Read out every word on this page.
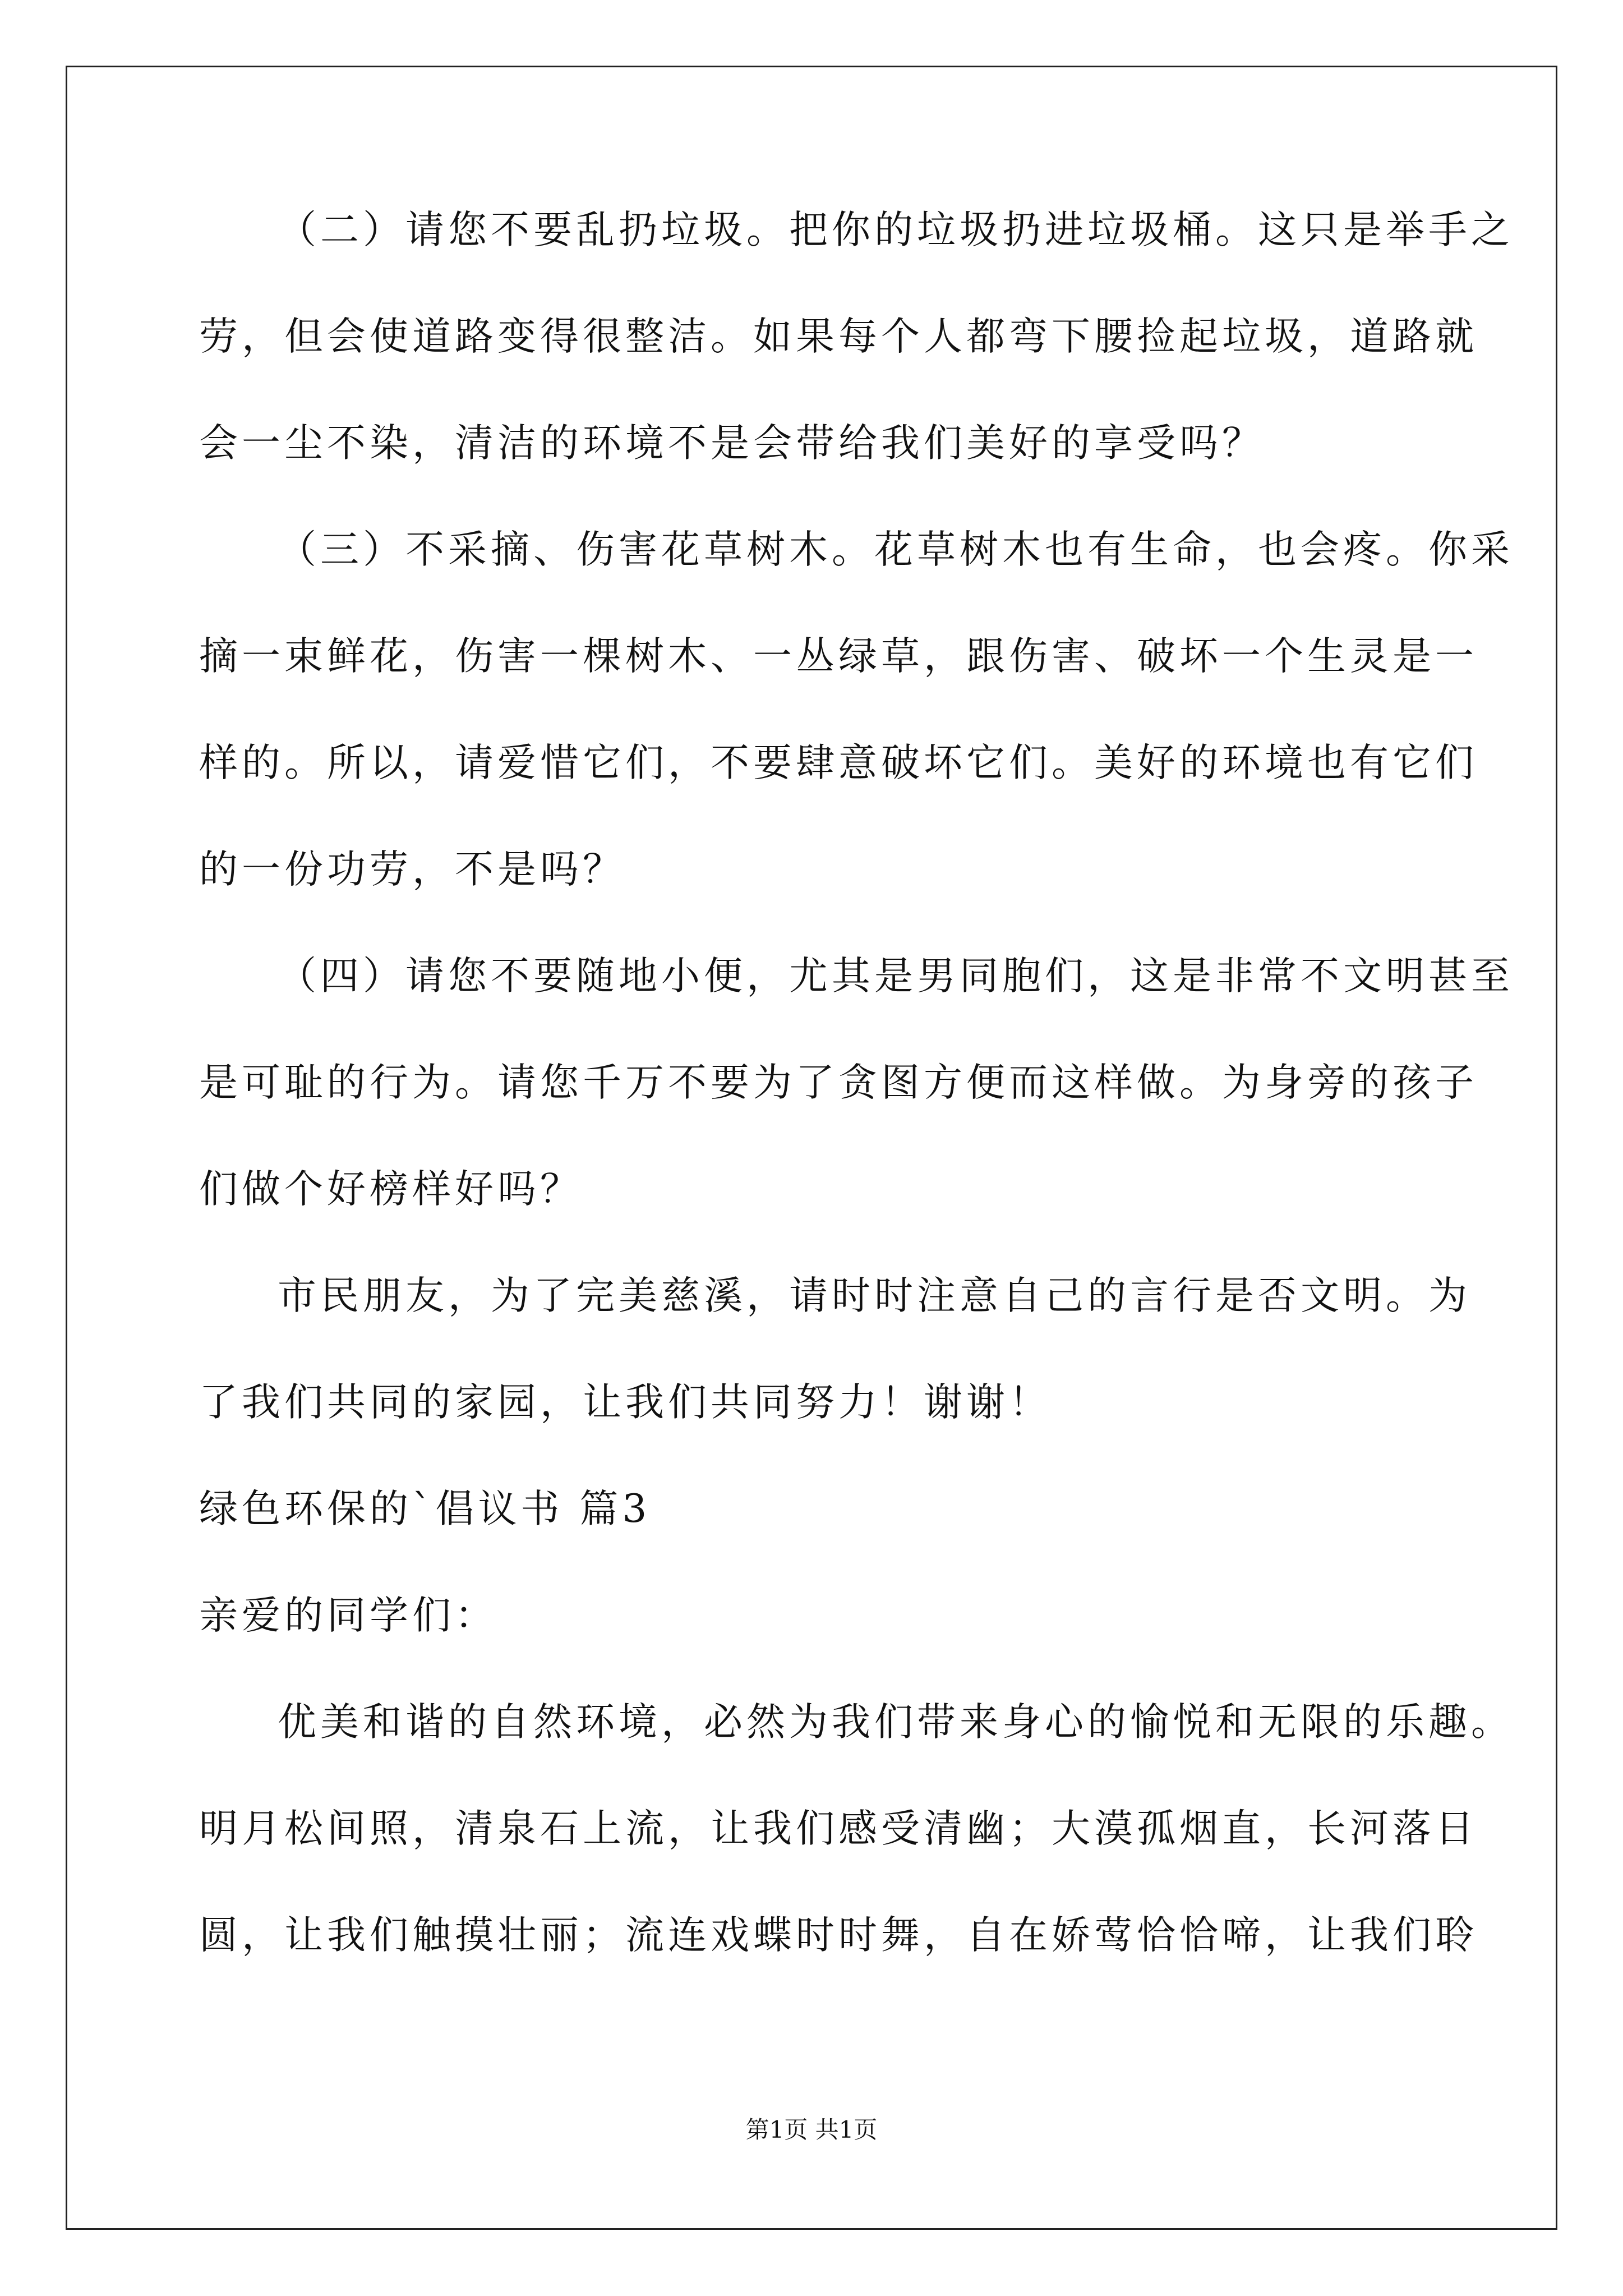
（二）请您不要乱扔垃圾。把你的垃圾扔进垃圾桶。这只是举手之
劳，但会使道路变得很整洁。如果每个人都弯下腰捡起垃圾，道路就
会一尘不染，清洁的环境不是会带给我们美好的享受吗？
（三）不采摘、伤害花草树木。花草树木也有生命，也会疼。你采
摘一束鲜花，伤害一棵树木、一丛绿草，跟伤害、破坏一个生灵是一
样的。所以，请爱惜它们，不要肆意破坏它们。美好的环境也有它们
的一份功劳，不是吗？
（四）请您不要随地小便，尤其是男同胞们，这是非常不文明甚至
是可耻的行为。请您千万不要为了贪图方便而这样做。为身旁的孩子
们做个好榜样好吗？
市民朋友，为了完美慈溪，请时时注意自己的言行是否文明。为
了我们共同的家园，让我们共同努力！谢谢！
绿色环保的`倡议书 篇3
亲爱的同学们：
优美和谐的自然环境，必然为我们带来身心的愉悦和无限的乐趣。
明月松间照，清泉石上流，让我们感受清幽；大漠孤烟直，长河落日
圆，让我们触摸壮丽；流连戏蝶时时舞，自在娇莺恰恰啼，让我们聆
第1页 共1页
